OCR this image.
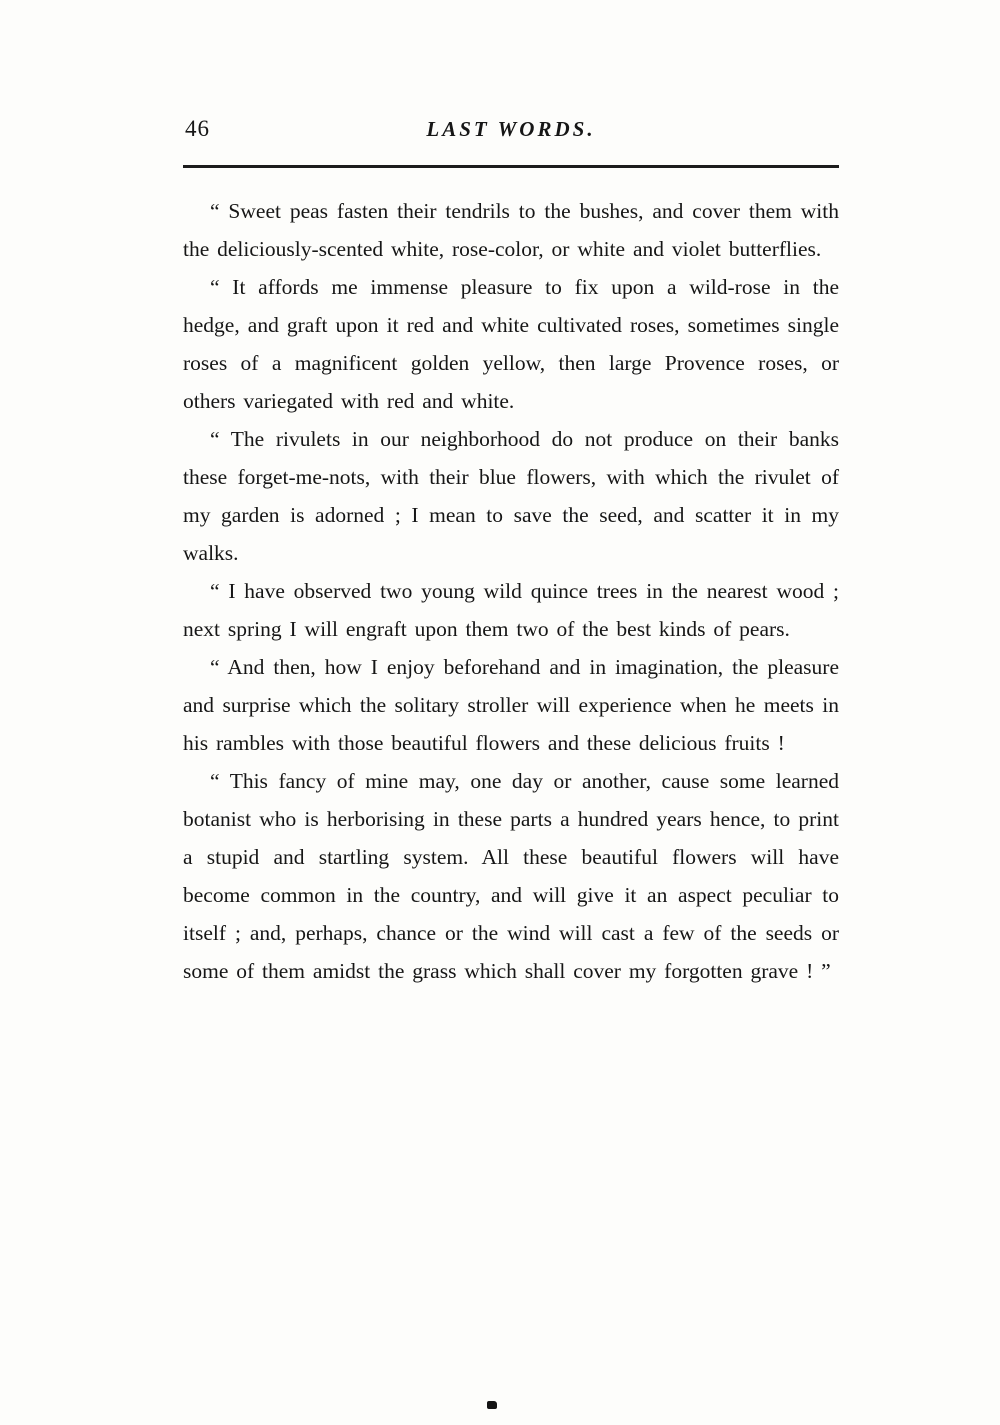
46	LAST WORDS.

“ Sweet peas fasten their tendrils to the bushes, and cover them with the deliciously-scented white, rose-color, or white and violet butterflies.

“ It affords me immense pleasure to fix upon a wild-rose in the hedge, and graft upon it red and white cultivated roses, sometimes single roses of a magnificent golden yellow, then large Provence roses, or others variegated with red and white.

“ The rivulets in our neighborhood do not produce on their banks these forget-me-nots, with their blue flowers, with which the rivulet of my garden is adorned ; I mean to save the seed, and scatter it in my walks.

“ I have observed two young wild quince trees in the nearest wood ; next spring I will engraft upon them two of the best kinds of pears.

“ And then, how I enjoy beforehand and in imagination, the pleasure and surprise which the solitary stroller will experience when he meets in his rambles with those beautiful flowers and these delicious fruits !

“ This fancy of mine may, one day or another, cause some learned botanist who is herborising in these parts a hundred years hence, to print a stupid and startling system. All these beautiful flowers will have become common in the country, and will give it an aspect peculiar to itself ; and, perhaps, chance or the wind will cast a few of the seeds or some of them amidst the grass which shall cover my forgotten grave ! ”
